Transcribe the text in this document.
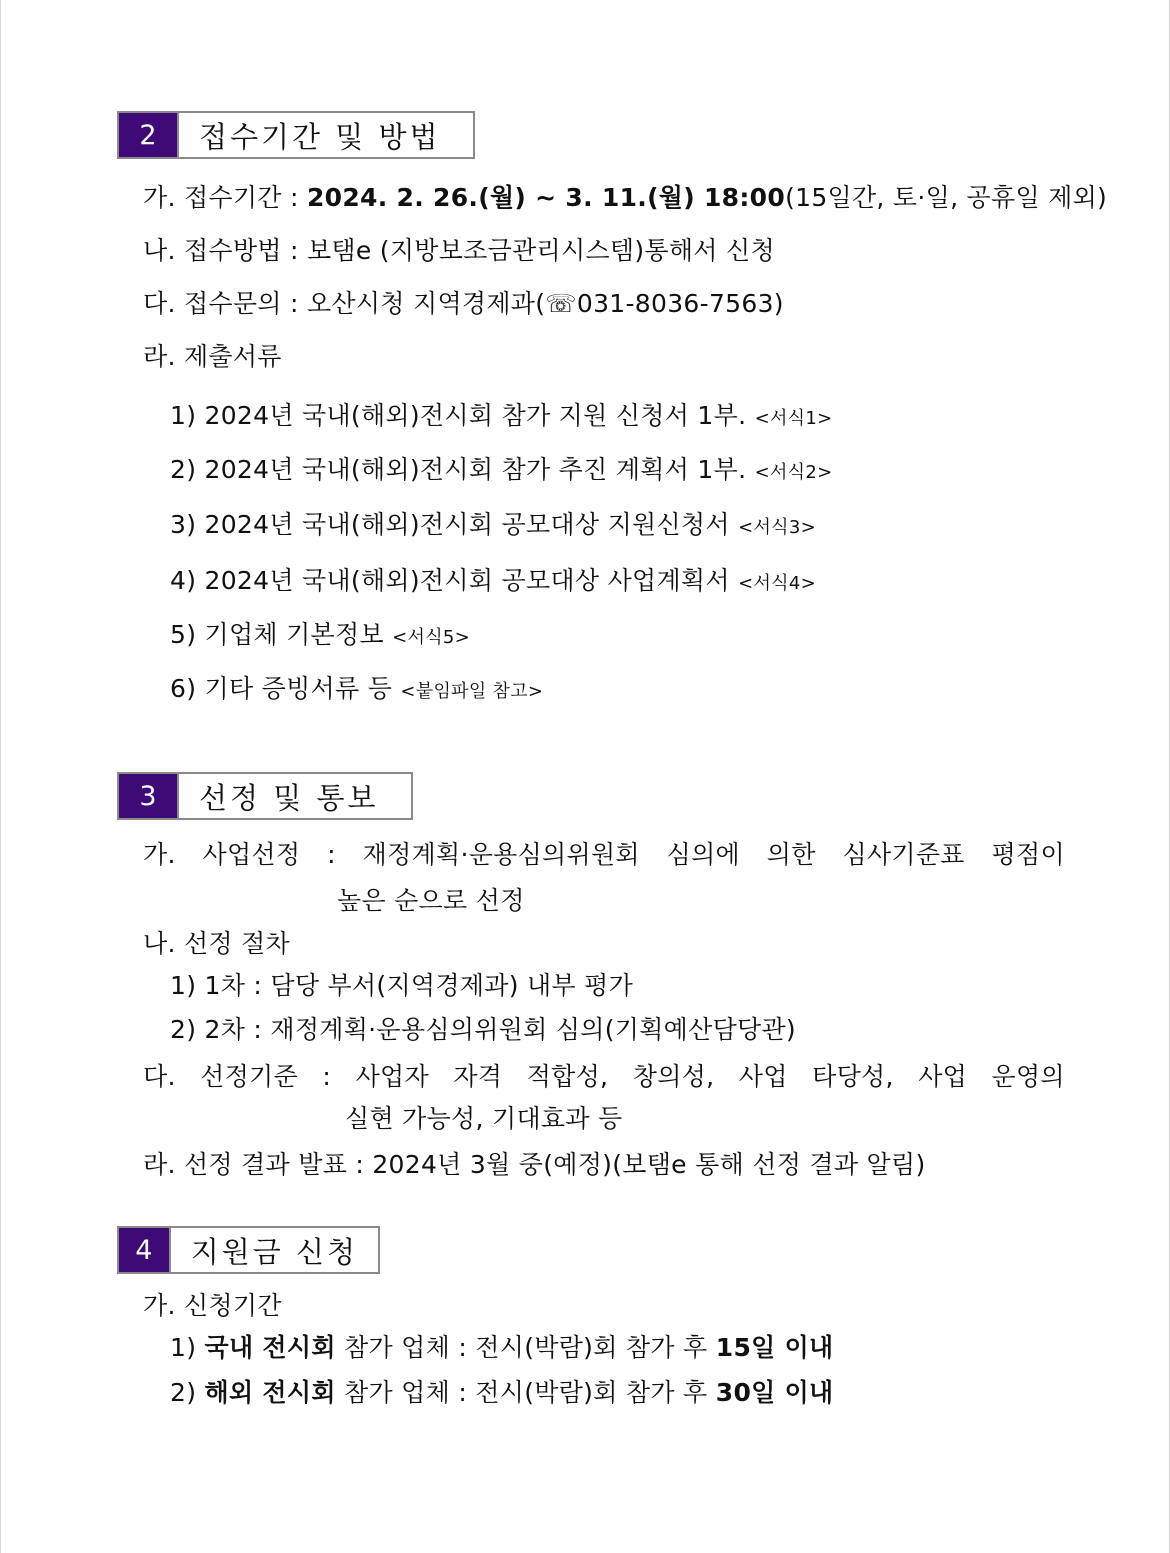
2	접수기간 및 방법
가. 접수기간 : 2024. 2. 26.(월) ~ 3. 11.(월) 18:00(15일간, 토·일, 공휴일 제외)
나. 접수방법 : 보탬e (지방보조금관리시스템)통해서 신청
다. 접수문의 : 오산시청 지역경제과(☏031-8036-7563)
라. 제출서류
1) 2024년 국내(해외)전시회 참가 지원 신청서 1부. <서식1>
2) 2024년 국내(해외)전시회 참가 추진 계획서 1부. <서식2>
3) 2024년 국내(해외)전시회 공모대상 지원신청서 <서식3>
4) 2024년 국내(해외)전시회 공모대상 사업계획서 <서식4>
5) 기업체 기본정보 <서식5>
6) 기타 증빙서류 등 <붙임파일 참고>
3	선정 및 통보
가. 사업선정 : 재정계획·운용심의위원회 심의에 의한 심사기준표 평점이
높은 순으로 선정
나. 선정 절차
1) 1차 : 담당 부서(지역경제과) 내부 평가
2) 2차 : 재정계획·운용심의위원회 심의(기획예산담당관)
다. 선정기준 : 사업자 자격 적합성, 창의성, 사업 타당성, 사업 운영의
실현 가능성, 기대효과 등
라. 선정 결과 발표 : 2024년 3월 중(예정)(보탬e 통해 선정 결과 알림)
4	지원금 신청
가. 신청기간
1) 국내 전시회 참가 업체 : 전시(박람)회 참가 후 15일 이내
2) 해외 전시회 참가 업체 : 전시(박람)회 참가 후 30일 이내
